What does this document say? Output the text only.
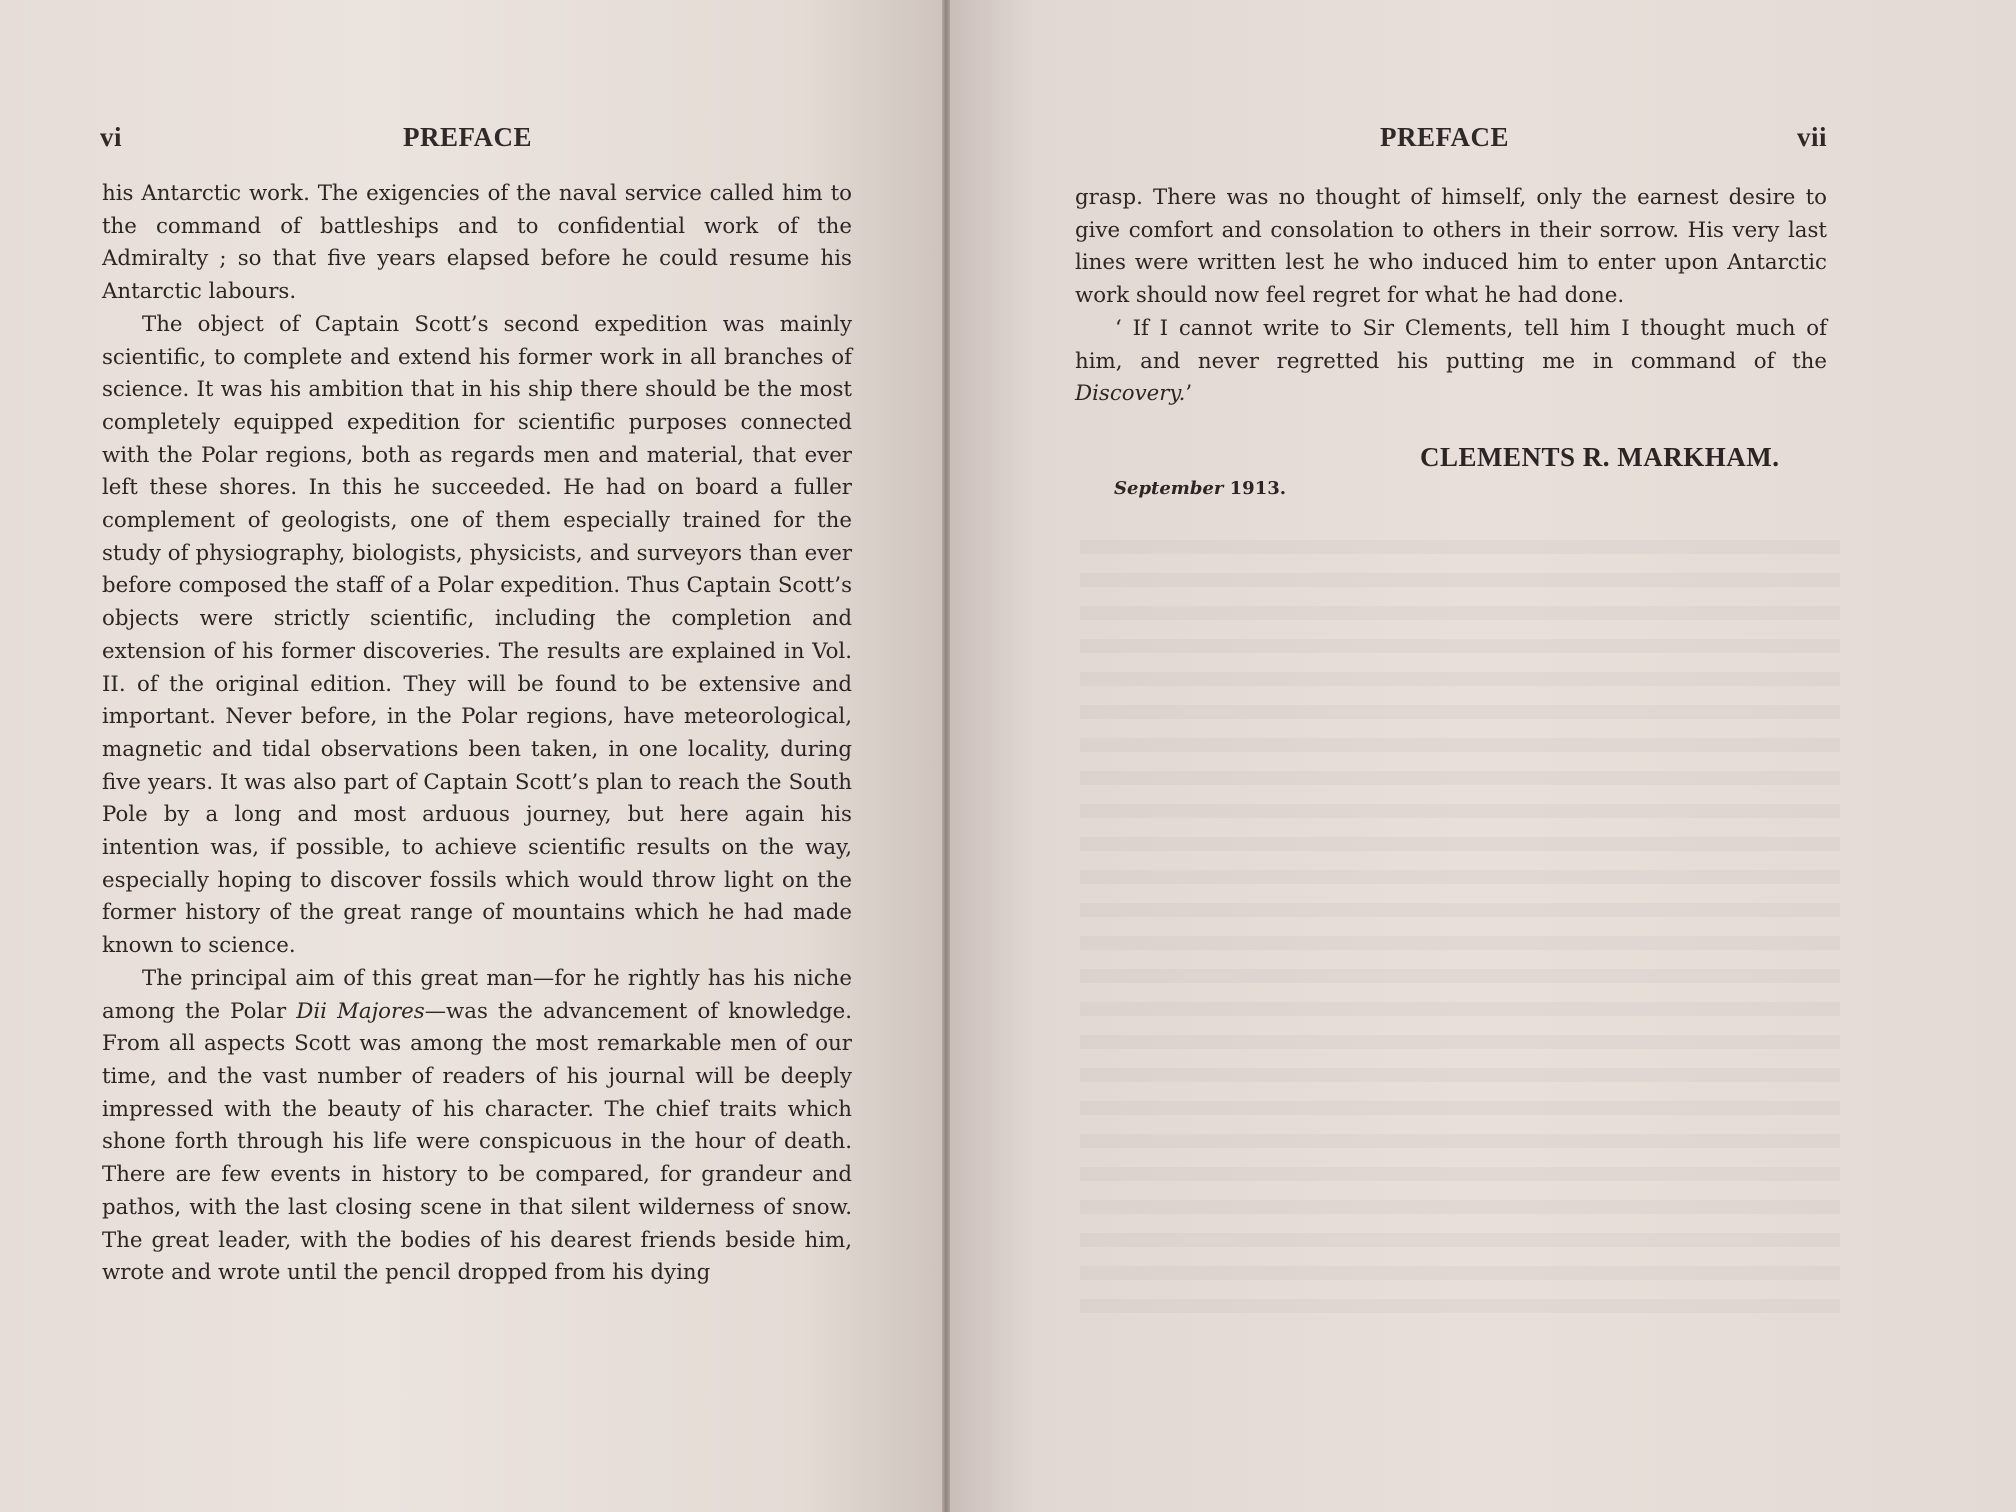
vi	PREFACE

his Antarctic work. The exigencies of the naval service called him to the command of battleships and to confidential work of the Admiralty ; so that five years elapsed before he could resume his Antarctic labours.

The object of Captain Scott’s second expedition was mainly scientific, to complete and extend his former work in all branches of science. It was his ambition that in his ship there should be the most completely equipped expedition for scientific purposes connected with the Polar regions, both as regards men and material, that ever left these shores. In this he succeeded. He had on board a fuller complement of geologists, one of them especially trained for the study of physiography, biologists, physicists, and surveyors than ever before composed the staff of a Polar expedition. Thus Captain Scott’s objects were strictly scientific, including the completion and extension of his former discoveries. The results are explained in Vol. II. of the original edition. They will be found to be extensive and important. Never before, in the Polar regions, have meteorological, magnetic and tidal observations been taken, in one locality, during five years. It was also part of Captain Scott’s plan to reach the South Pole by a long and most arduous journey, but here again his intention was, if possible, to achieve scientific results on the way, especially hoping to discover fossils which would throw light on the former history of the great range of mountains which he had made known to science.

The principal aim of this great man—for he rightly has his niche among the Polar Dii Majores—was the advancement of knowledge. From all aspects Scott was among the most remarkable men of our time, and the vast number of readers of his journal will be deeply impressed with the beauty of his character. The chief traits which shone forth through his life were conspicuous in the hour of death. There are few events in history to be compared, for grandeur and pathos, with the last closing scene in that silent wilderness of snow. The great leader, with the bodies of his dearest friends beside him, wrote and wrote until the pencil dropped from his dying

PREFACE	vii

grasp. There was no thought of himself, only the earnest desire to give comfort and consolation to others in their sorrow. His very last lines were written lest he who induced him to enter upon Antarctic work should now feel regret for what he had done.

‘ If I cannot write to Sir Clements, tell him I thought much of him, and never regretted his putting me in command of the Discovery.’

CLEMENTS R. MARKHAM.
September 1913.
